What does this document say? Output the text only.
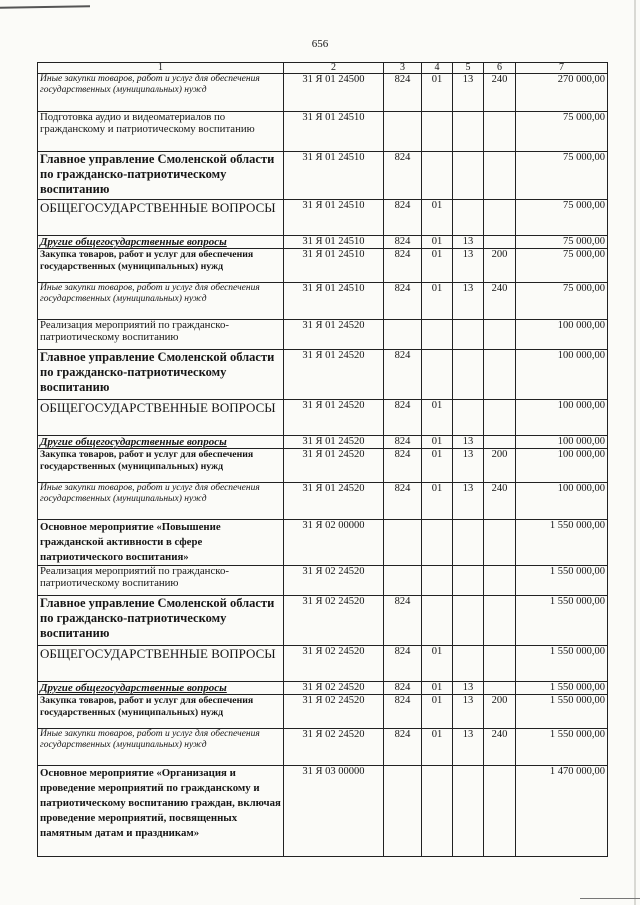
656
1	2	3	4	5	6	7
Иные закупки товаров, работ и услуг для обеспечения государственных (муниципальных) нужд	31 Я 01 24500	824	01	13	240	270 000,00
Подготовка аудио и видеоматериалов по гражданскому и патриотическому воспитанию	31 Я 01 24510					75 000,00
Главное управление Смоленской области по гражданско-патриотическому воспитанию	31 Я 01 24510	824				75 000,00
ОБЩЕГОСУДАРСТВЕННЫЕ ВОПРОСЫ	31 Я 01 24510	824	01			75 000,00
Другие общегосударственные вопросы	31 Я 01 24510	824	01	13		75 000,00
Закупка товаров, работ и услуг для обеспечения государственных (муниципальных) нужд	31 Я 01 24510	824	01	13	200	75 000,00
Иные закупки товаров, работ и услуг для обеспечения государственных (муниципальных) нужд	31 Я 01 24510	824	01	13	240	75 000,00
Реализация мероприятий по гражданско-патриотическому воспитанию	31 Я 01 24520					100 000,00
Главное управление Смоленской области по гражданско-патриотическому воспитанию	31 Я 01 24520	824				100 000,00
ОБЩЕГОСУДАРСТВЕННЫЕ ВОПРОСЫ	31 Я 01 24520	824	01			100 000,00
Другие общегосударственные вопросы	31 Я 01 24520	824	01	13		100 000,00
Закупка товаров, работ и услуг для обеспечения государственных (муниципальных) нужд	31 Я 01 24520	824	01	13	200	100 000,00
Иные закупки товаров, работ и услуг для обеспечения государственных (муниципальных) нужд	31 Я 01 24520	824	01	13	240	100 000,00
Основное мероприятие «Повышение гражданской активности в сфере патриотического воспитания»	31 Я 02 00000					1 550 000,00
Реализация мероприятий по гражданско-патриотическому воспитанию	31 Я 02 24520					1 550 000,00
Главное управление Смоленской области по гражданско-патриотическому воспитанию	31 Я 02 24520	824				1 550 000,00
ОБЩЕГОСУДАРСТВЕННЫЕ ВОПРОСЫ	31 Я 02 24520	824	01			1 550 000,00
Другие общегосударственные вопросы	31 Я 02 24520	824	01	13		1 550 000,00
Закупка товаров, работ и услуг для обеспечения государственных (муниципальных) нужд	31 Я 02 24520	824	01	13	200	1 550 000,00
Иные закупки товаров, работ и услуг для обеспечения государственных (муниципальных) нужд	31 Я 02 24520	824	01	13	240	1 550 000,00
Основное мероприятие «Организация и проведение мероприятий по гражданскому и патриотическому воспитанию граждан, включая проведение мероприятий, посвященных памятным датам и праздникам»	31 Я 03 00000					1 470 000,00
